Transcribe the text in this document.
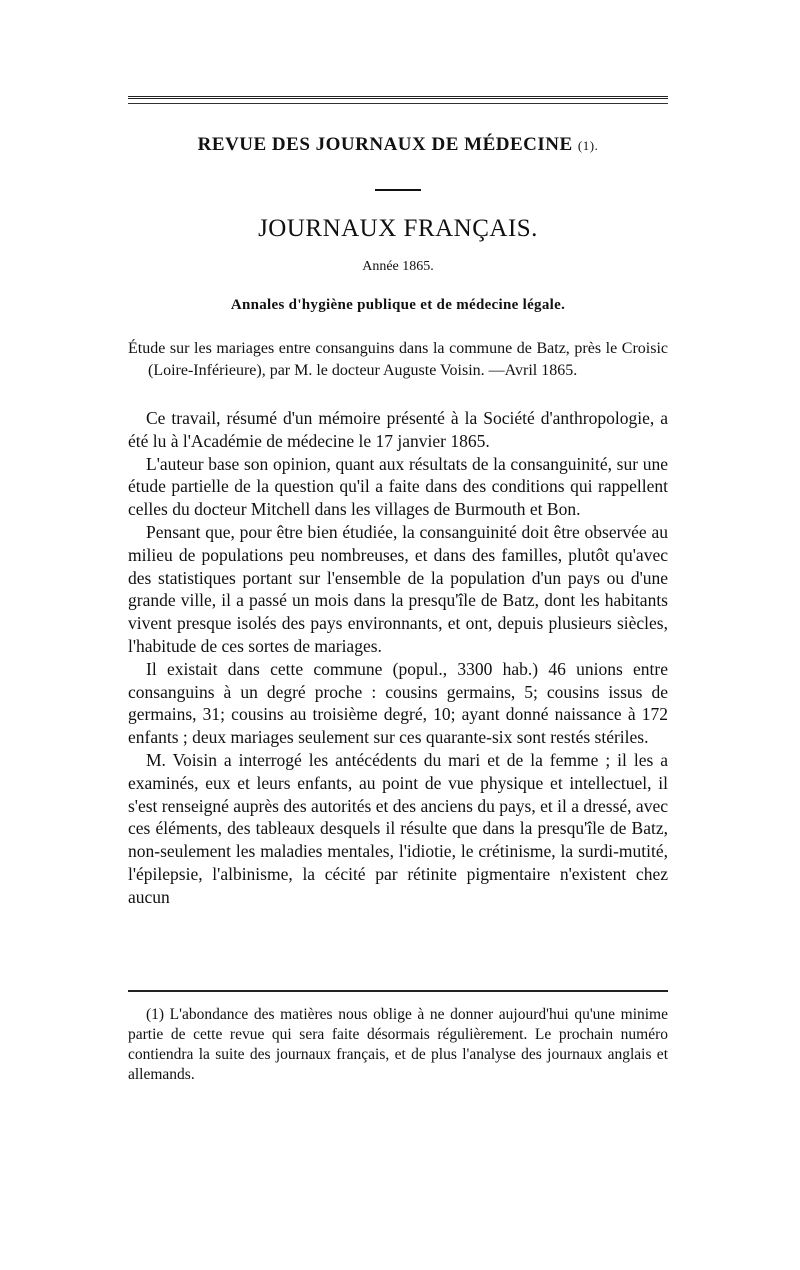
REVUE DES JOURNAUX DE MÉDECINE (1).
JOURNAUX FRANÇAIS.
Année 1865.
Annales d'hygiène publique et de médecine légale.
Étude sur les mariages entre consanguins dans la commune de Batz, près le Croisic (Loire-Inférieure), par M. le docteur Auguste Voisin. —Avril 1865.

Ce travail, résumé d'un mémoire présenté à la Société d'anthropologie, a été lu à l'Académie de médecine le 17 janvier 1865.

L'auteur base son opinion, quant aux résultats de la consanguinité, sur une étude partielle de la question qu'il a faite dans des conditions qui rappellent celles du docteur Mitchell dans les villages de Burmouth et Bon.

Pensant que, pour être bien étudiée, la consanguinité doit être observée au milieu de populations peu nombreuses, et dans des familles, plutôt qu'avec des statistiques portant sur l'ensemble de la population d'un pays ou d'une grande ville, il a passé un mois dans la presqu'île de Batz, dont les habitants vivent presque isolés des pays environnants, et ont, depuis plusieurs siècles, l'habitude de ces sortes de mariages.

Il existait dans cette commune (popul., 3300 hab.) 46 unions entre consanguins à un degré proche : cousins germains, 5; cousins issus de germains, 31; cousins au troisième degré, 10; ayant donné naissance à 172 enfants ; deux mariages seulement sur ces quarante-six sont restés stériles.

M. Voisin a interrogé les antécédents du mari et de la femme ; il les a examinés, eux et leurs enfants, au point de vue physique et intellectuel, il s'est renseigné auprès des autorités et des anciens du pays, et il a dressé, avec ces éléments, des tableaux desquels il résulte que dans la presqu'île de Batz, non-seulement les maladies mentales, l'idiotie, le crétinisme, la surdi-mutité, l'épilepsie, l'albinisme, la cécité par rétinite pigmentaire n'existent chez aucun

(1) L'abondance des matières nous oblige à ne donner aujourd'hui qu'une minime partie de cette revue qui sera faite désormais régulièrement. Le prochain numéro contiendra la suite des journaux français, et de plus l'analyse des journaux anglais et allemands.
